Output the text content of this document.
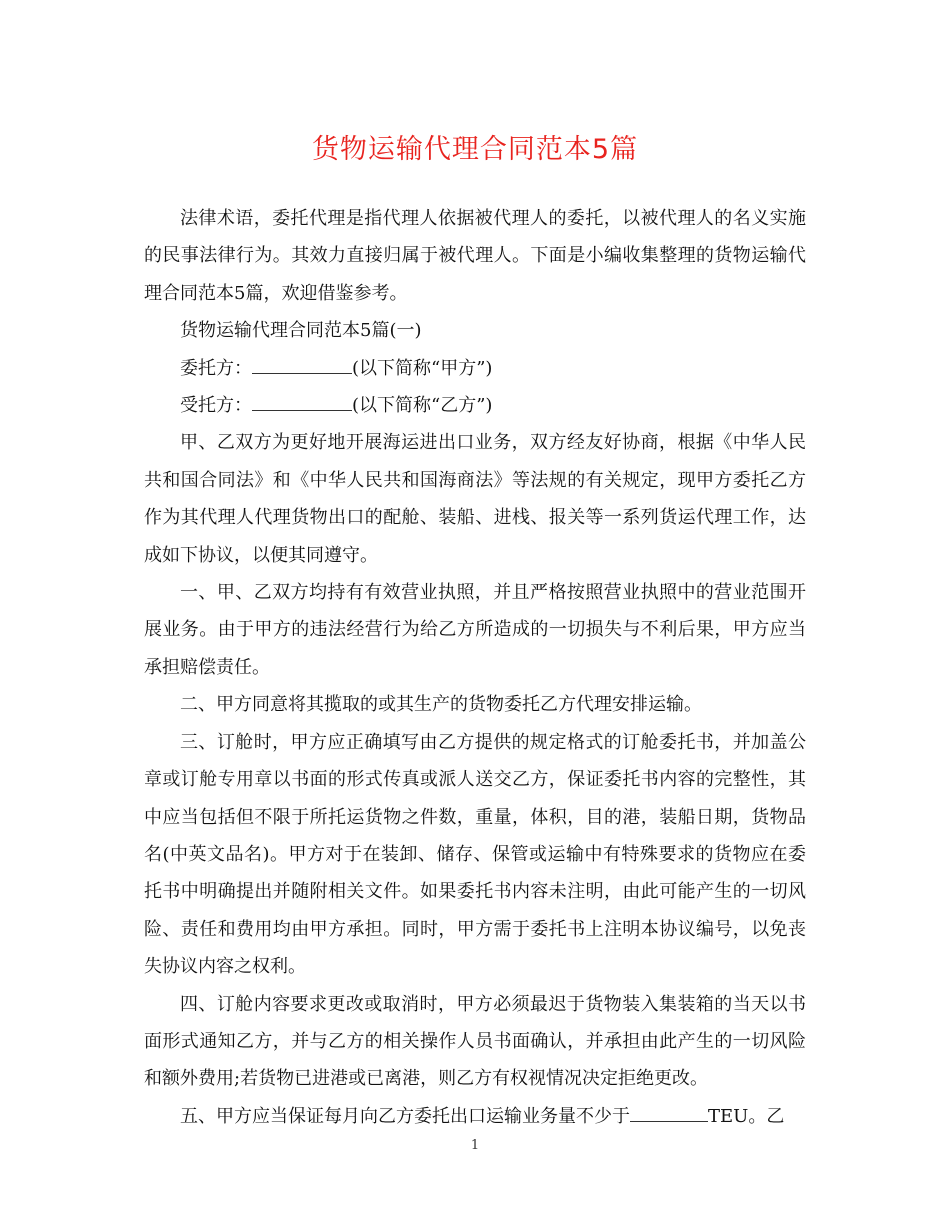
货物运输代理合同范本5篇

法律术语，委托代理是指代理人依据被代理人的委托，以被代理人的名义实施的民事法律行为。其效力直接归属于被代理人。下面是小编收集整理的货物运输代理合同范本5篇，欢迎借鉴参考。

货物运输代理合同范本5篇(一)

委托方：	(以下简称“甲方”)

受托方：	(以下简称“乙方”)

甲、乙双方为更好地开展海运进出口业务，双方经友好协商，根据《中华人民共和国合同法》和《中华人民共和国海商法》等法规的有关规定，现甲方委托乙方作为其代理人代理货物出口的配舱、装船、进栈、报关等一系列货运代理工作，达成如下协议，以便其同遵守。

一、甲、乙双方均持有有效营业执照，并且严格按照营业执照中的营业范围开展业务。由于甲方的违法经营行为给乙方所造成的一切损失与不利后果，甲方应当承担赔偿责任。

二、甲方同意将其揽取的或其生产的货物委托乙方代理安排运输。

三、订舱时，甲方应正确填写由乙方提供的规定格式的订舱委托书，并加盖公章或订舱专用章以书面的形式传真或派人送交乙方，保证委托书内容的完整性，其中应当包括但不限于所托运货物之件数，重量，体积，目的港，装船日期，货物品名(中英文品名)。甲方对于在装卸、储存、保管或运输中有特殊要求的货物应在委托书中明确提出并随附相关文件。如果委托书内容未注明，由此可能产生的一切风险、责任和费用均由甲方承担。同时，甲方需于委托书上注明本协议编号，以免丧失协议内容之权利。

四、订舱内容要求更改或取消时，甲方必须最迟于货物装入集装箱的当天以书面形式通知乙方，并与乙方的相关操作人员书面确认，并承担由此产生的一切风险和额外费用;若货物已进港或已离港，则乙方有权视情况决定拒绝更改。

五、甲方应当保证每月向乙方委托出口运输业务量不少于	TEU。乙

1
